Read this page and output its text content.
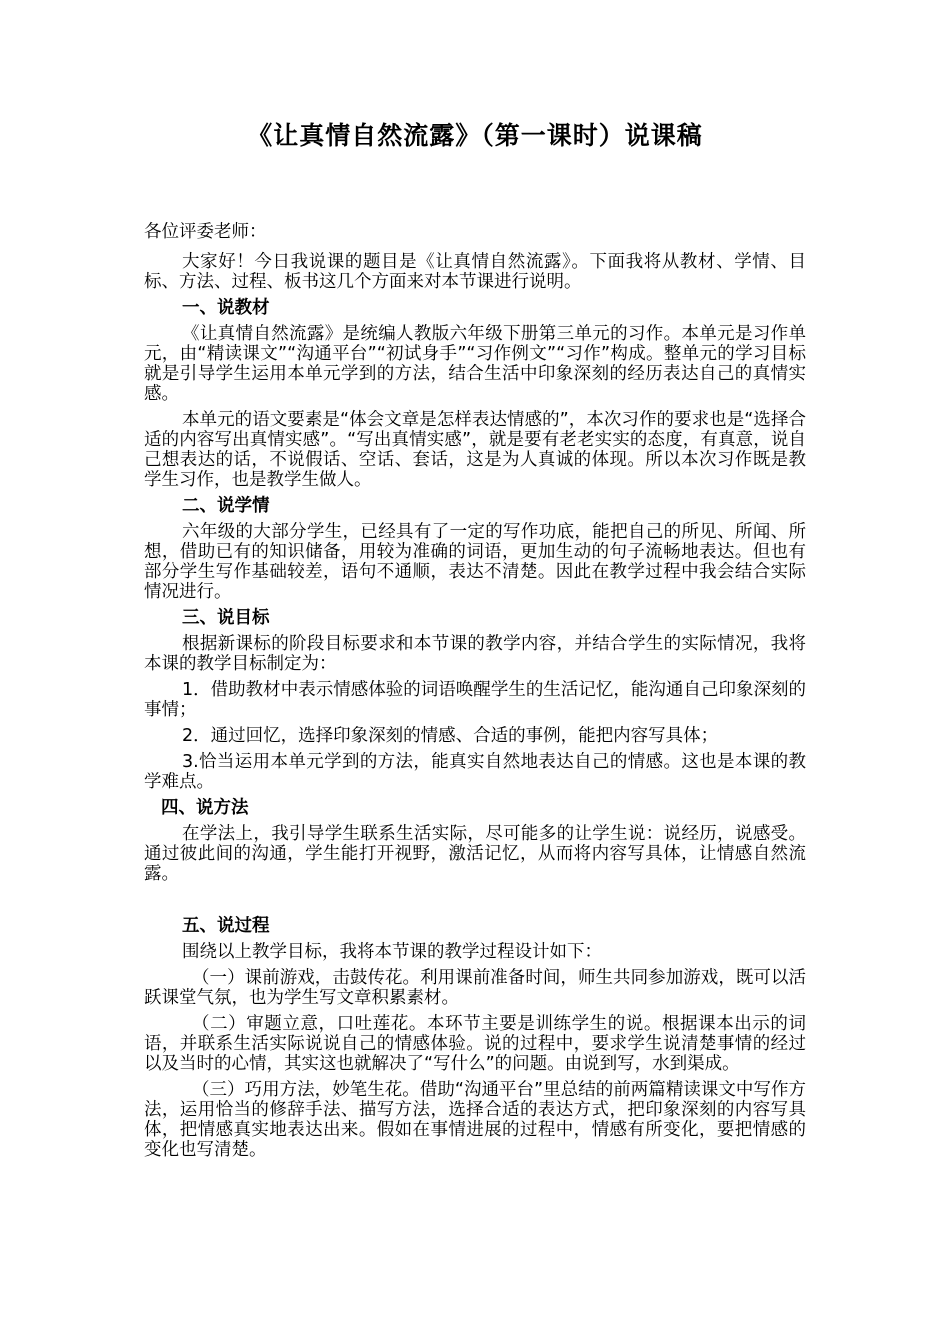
《让真情自然流露》（第一课时）说课稿

各位评委老师：

大家好！今日我说课的题目是《让真情自然流露》。下面我将从教材、学情、目标、方法、过程、板书这几个方面来对本节课进行说明。

一、说教材

《让真情自然流露》是统编人教版六年级下册第三单元的习作。本单元是习作单元，由“精读课文”“沟通平台”“初试身手”“习作例文”“习作”构成。整单元的学习目标就是引导学生运用本单元学到的方法，结合生活中印象深刻的经历表达自己的真情实感。

本单元的语文要素是“体会文章是怎样表达情感的”，本次习作的要求也是“选择合适的内容写出真情实感”。“写出真情实感”，就是要有老老实实的态度，有真意，说自己想表达的话，不说假话、空话、套话，这是为人真诚的体现。所以本次习作既是教学生习作，也是教学生做人。

二、说学情

六年级的大部分学生，已经具有了一定的写作功底，能把自己的所见、所闻、所想，借助已有的知识储备，用较为准确的词语，更加生动的句子流畅地表达。但也有部分学生写作基础较差，语句不通顺，表达不清楚。因此在教学过程中我会结合实际情况进行。

三、说目标

根据新课标的阶段目标要求和本节课的教学内容，并结合学生的实际情况，我将本课的教学目标制定为：

1．借助教材中表示情感体验的词语唤醒学生的生活记忆，能沟通自己印象深刻的事情；

2．通过回忆，选择印象深刻的情感、合适的事例，能把内容写具体；

3.恰当运用本单元学到的方法，能真实自然地表达自己的情感。这也是本课的教学难点。

四、说方法

在学法上，我引导学生联系生活实际，尽可能多的让学生说：说经历，说感受。通过彼此间的沟通，学生能打开视野，激活记忆，从而将内容写具体，让情感自然流露。

五、说过程

围绕以上教学目标，我将本节课的教学过程设计如下：

（一）课前游戏，击鼓传花。利用课前准备时间，师生共同参加游戏，既可以活跃课堂气氛，也为学生写文章积累素材。

（二）审题立意，口吐莲花。本环节主要是训练学生的说。根据课本出示的词语，并联系生活实际说说自己的情感体验。说的过程中，要求学生说清楚事情的经过以及当时的心情，其实这也就解决了“写什么”的问题。由说到写，水到渠成。

（三）巧用方法，妙笔生花。借助“沟通平台”里总结的前两篇精读课文中写作方法，运用恰当的修辞手法、描写方法，选择合适的表达方式，把印象深刻的内容写具体，把情感真实地表达出来。假如在事情进展的过程中，情感有所变化，要把情感的变化也写清楚。
